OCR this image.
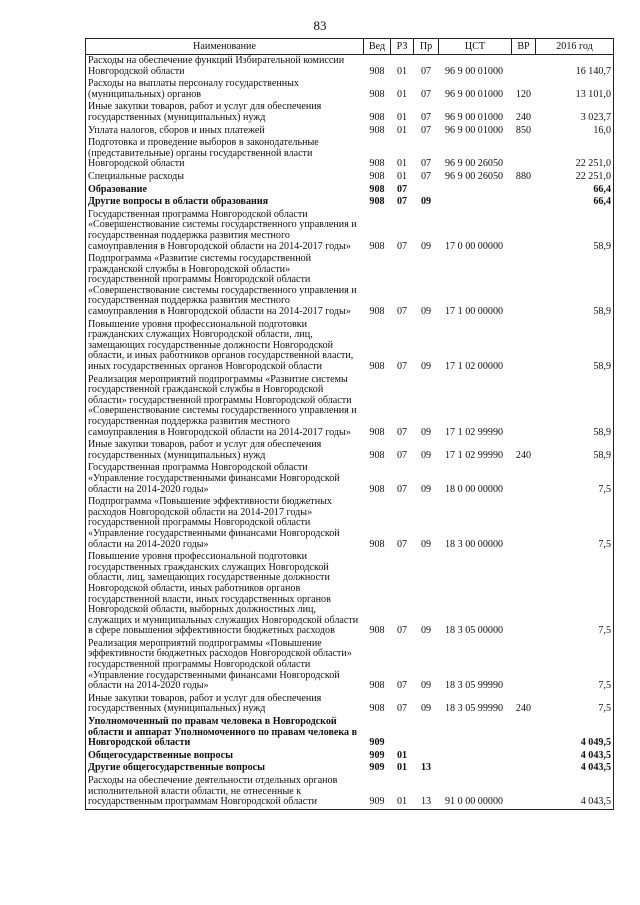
83
Наименование	Вед	РЗ	Пр	ЦСТ	ВР	2016 год
Расходы на обеспечение функций Избирательной комиссии Новгородской области	908	01	07	96 9 00 01000		16 140,7
Расходы на выплаты персоналу государственных (муниципальных) органов	908	01	07	96 9 00 01000	120	13 101,0
Иные закупки товаров, работ и услуг для обеспечения государственных (муниципальных) нужд	908	01	07	96 9 00 01000	240	3 023,7
Уплата налогов, сборов и иных платежей	908	01	07	96 9 00 01000	850	16,0
Подготовка и проведение выборов в законодательные (представительные) органы государственной власти Новгородской области	908	01	07	96 9 00 26050		22 251,0
Специальные расходы	908	01	07	96 9 00 26050	880	22 251,0
Образование	908	07				66,4
Другие вопросы в области образования	908	07	09			66,4
Государственная программа Новгородской области «Совершенствование системы государственного управления и государственная поддержка развития местного самоуправления в Новгородской области на 2014-2017 годы»	908	07	09	17 0 00 00000		58,9
Подпрограмма «Развитие системы государственной гражданской службы в Новгородской области» государственной программы Новгородской области «Совершенствование системы государственного управления и государственная поддержка развития местного самоуправления в Новгородской области на 2014-2017 годы»	908	07	09	17 1 00 00000		58,9
Повышение уровня профессиональной подготовки гражданских служащих Новгородской области, лиц, замещающих государственные должности Новгородской области, и иных работников органов государственной власти, иных государственных органов Новгородской области	908	07	09	17 1 02 00000		58,9
Реализация мероприятий подпрограммы «Развитие системы государственной гражданской службы в Новгородской области» государственной программы Новгородской области «Совершенствование системы государственного управления и государственная поддержка развития местного самоуправления в Новгородской области на 2014-2017 годы»	908	07	09	17 1 02 99990		58,9
Иные закупки товаров, работ и услуг для обеспечения государственных (муниципальных) нужд	908	07	09	17 1 02 99990	240	58,9
Государственная программа Новгородской области «Управление государственными финансами Новгородской области на 2014-2020 годы»	908	07	09	18 0 00 00000		7,5
Подпрограмма «Повышение эффективности бюджетных расходов Новгородской области на 2014-2017 годы» государственной программы Новгородской области «Управление государственными финансами Новгородской области на 2014-2020 годы»	908	07	09	18 3 00 00000		7,5
Повышение уровня профессиональной подготовки государственных гражданских служащих Новгородской области, лиц, замещающих государственные должности Новгородской области, иных работников органов государственной власти, иных государственных органов Новгородской области, выборных должностных лиц, служащих и муниципальных служащих Новгородской области в сфере повышения эффективности бюджетных расходов	908	07	09	18 3 05 00000		7,5
Реализация мероприятий подпрограммы «Повышение эффективности бюджетных расходов Новгородской области» государственной программы Новгородской области «Управление государственными финансами Новгородской области на 2014-2020 годы»	908	07	09	18 3 05 99990		7,5
Иные закупки товаров, работ и услуг для обеспечения государственных (муниципальных) нужд	908	07	09	18 3 05 99990	240	7,5
Уполномоченный по правам человека в Новгородской области и аппарат Уполномоченного по правам человека в Новгородской области	909					4 049,5
Общегосударственные вопросы	909	01				4 043,5
Другие общегосударственные вопросы	909	01	13			4 043,5
Расходы на обеспечение деятельности отдельных органов исполнительной власти области, не отнесенные к государственным программам Новгородской области	909	01	13	91 0 00 00000		4 043,5
